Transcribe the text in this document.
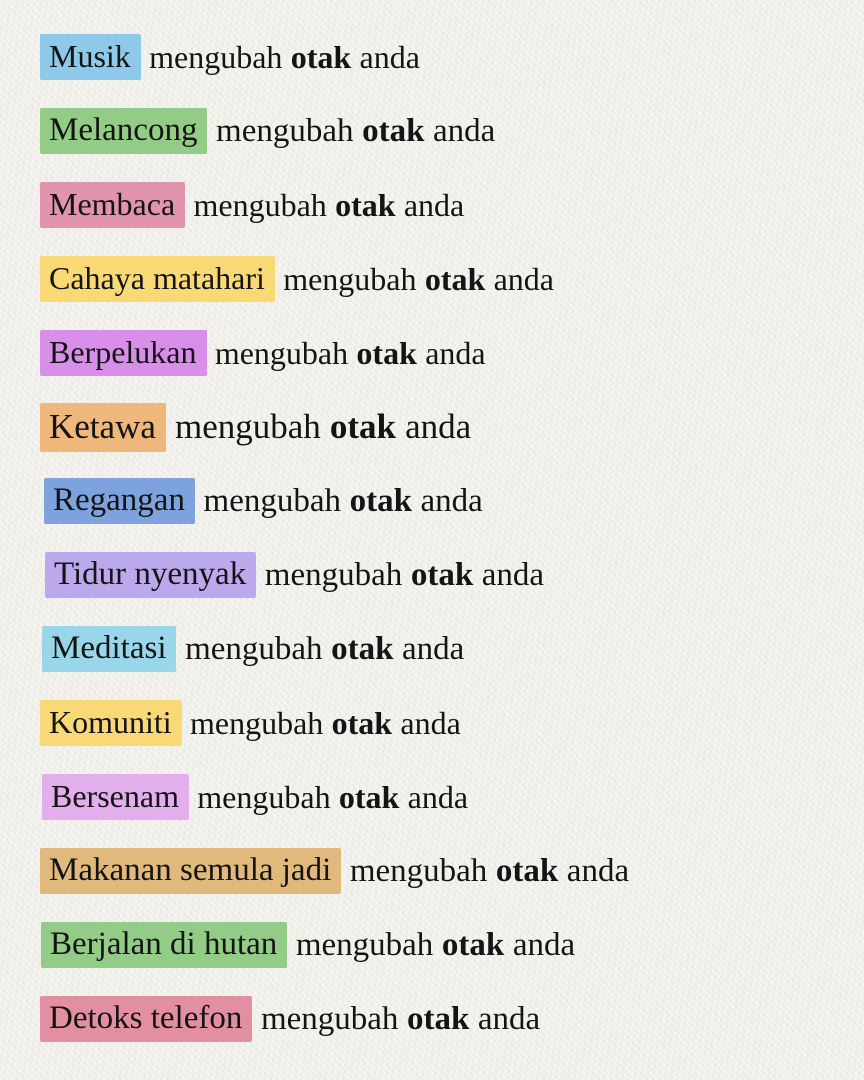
Musik mengubah otak anda
Melancong mengubah otak anda
Membaca mengubah otak anda
Cahaya matahari mengubah otak anda
Berpelukan mengubah otak anda
Ketawa mengubah otak anda
Regangan mengubah otak anda
Tidur nyenyak mengubah otak anda
Meditasi mengubah otak anda
Komuniti mengubah otak anda
Bersenam mengubah otak anda
Makanan semula jadi mengubah otak anda
Berjalan di hutan mengubah otak anda
Detoks telefon mengubah otak anda
